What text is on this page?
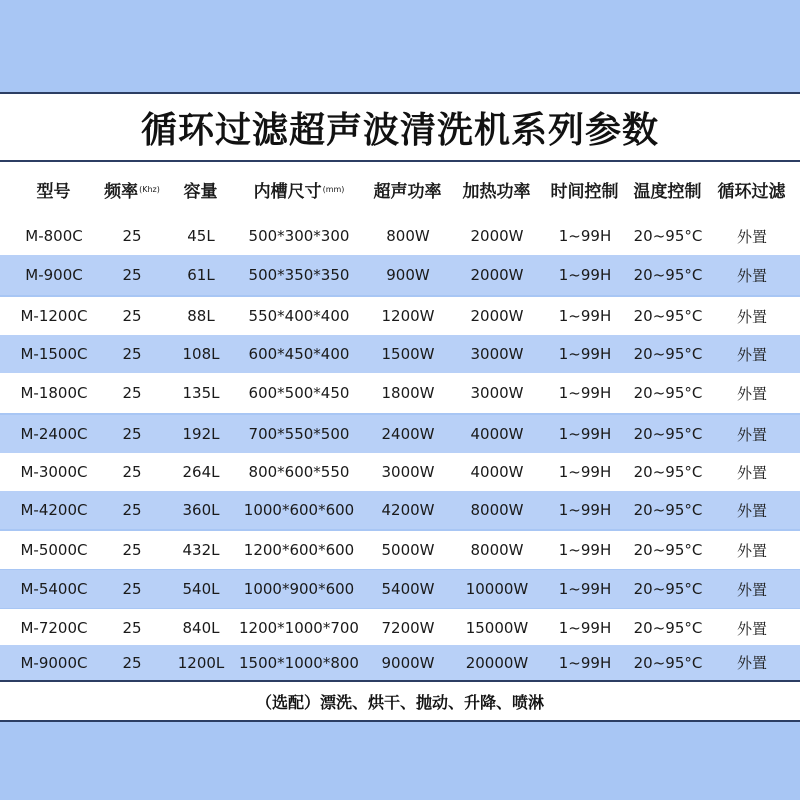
循环过滤超声波清洗机系列参数
型号 频率 (Khz) 容量 内槽尺寸 (mm) 超声功率 加热功率 时间控制 温度控制 循环过滤
M-800C	25	45L	500*300*300	800W	2000W	1~99H	20~95°C	外置
M-900C	25	61L	500*350*350	900W	2000W	1~99H	20~95°C	外置
M-1200C	25	88L	550*400*400	1200W	2000W	1~99H	20~95°C	外置
M-1500C	25	108L	600*450*400	1500W	3000W	1~99H	20~95°C	外置
M-1800C	25	135L	600*500*450	1800W	3000W	1~99H	20~95°C	外置
M-2400C	25	192L	700*550*500	2400W	4000W	1~99H	20~95°C	外置
M-3000C	25	264L	800*600*550	3000W	4000W	1~99H	20~95°C	外置
M-4200C	25	360L	1000*600*600	4200W	8000W	1~99H	20~95°C	外置
M-5000C	25	432L	1200*600*600	5000W	8000W	1~99H	20~95°C	外置
M-5400C	25	540L	1000*900*600	5400W	10000W	1~99H	20~95°C	外置
M-7200C	25	840L	1200*1000*700	7200W	15000W	1~99H	20~95°C	外置
M-9000C	25	1200L 1500*1000*800	9000W	20000W	1~99H	20~95°C	外置
（选配）漂洗、烘干、抛动、升降、喷淋
